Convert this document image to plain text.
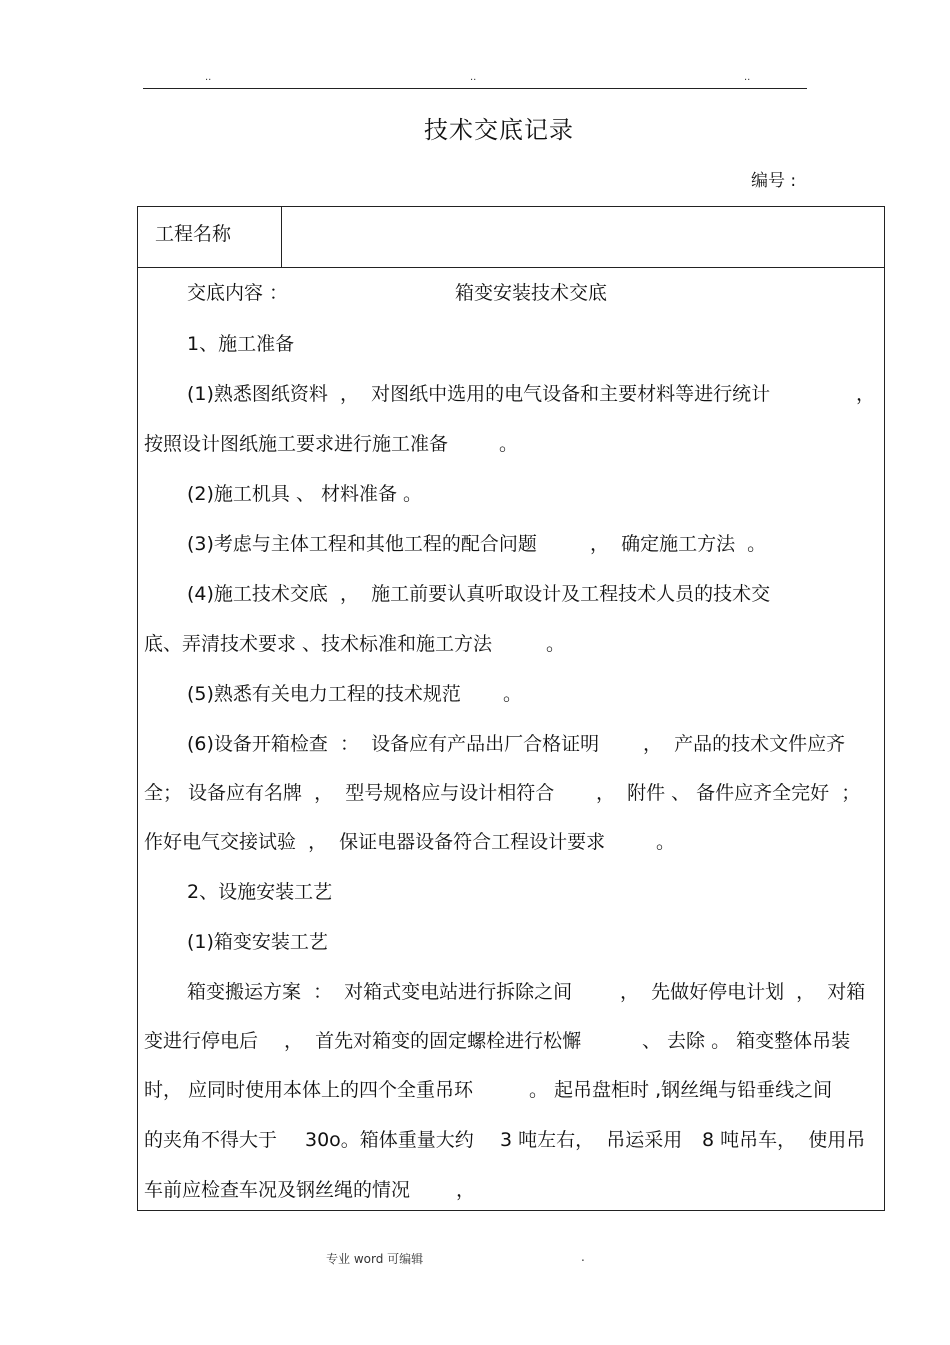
..	..	..
技术交底记录
编号 :
工程名称
交底内容 ：	箱变安装技术交底
1、施工准备
(1)熟悉图纸资料  ，  对图纸中选用的电气设备和主要材料等进行统计	，
按照设计图纸施工要求进行施工准备	。
(2)施工机具 、 材料准备 。
(3)考虑与主体工程和其他工程的配合问题	，  确定施工方法  。
(4)施工技术交底  ，  施工前要认真听取设计及工程技术人员的技术交
底、弄清技术要求 、技术标准和施工方法	。
(5)熟悉有关电力工程的技术规范 。
(6)设备开箱检查  ：  设备应有产品出厂合格证明 ，  产品的技术文件应齐
全； 设备应有名牌  ，  型号规格应与设计相符合 ，  附件 、 备件应齐全完好  ；
作好电气交接试验  ，  保证电器设备符合工程设计要求	。
2、设施安装工艺
(1)箱变安装工艺
箱变搬运方案  ：  对箱式变电站进行拆除之间	，  先做好停电计划  ，  对箱
变进行停电后 ，  首先对箱变的固定螺栓进行松懈	、 去除 。 箱变整体吊装
时， 应同时使用本体上的四个全重吊环	。 起吊盘柜时 ,钢丝绳与铅垂线之间
的夹角不得大于 30o。箱体重量大约 3 吨左右，  吊运采用 8 吨吊车，  使用吊
车前应检查车况及钢丝绳的情况 ，
专业 word 可编辑	.
